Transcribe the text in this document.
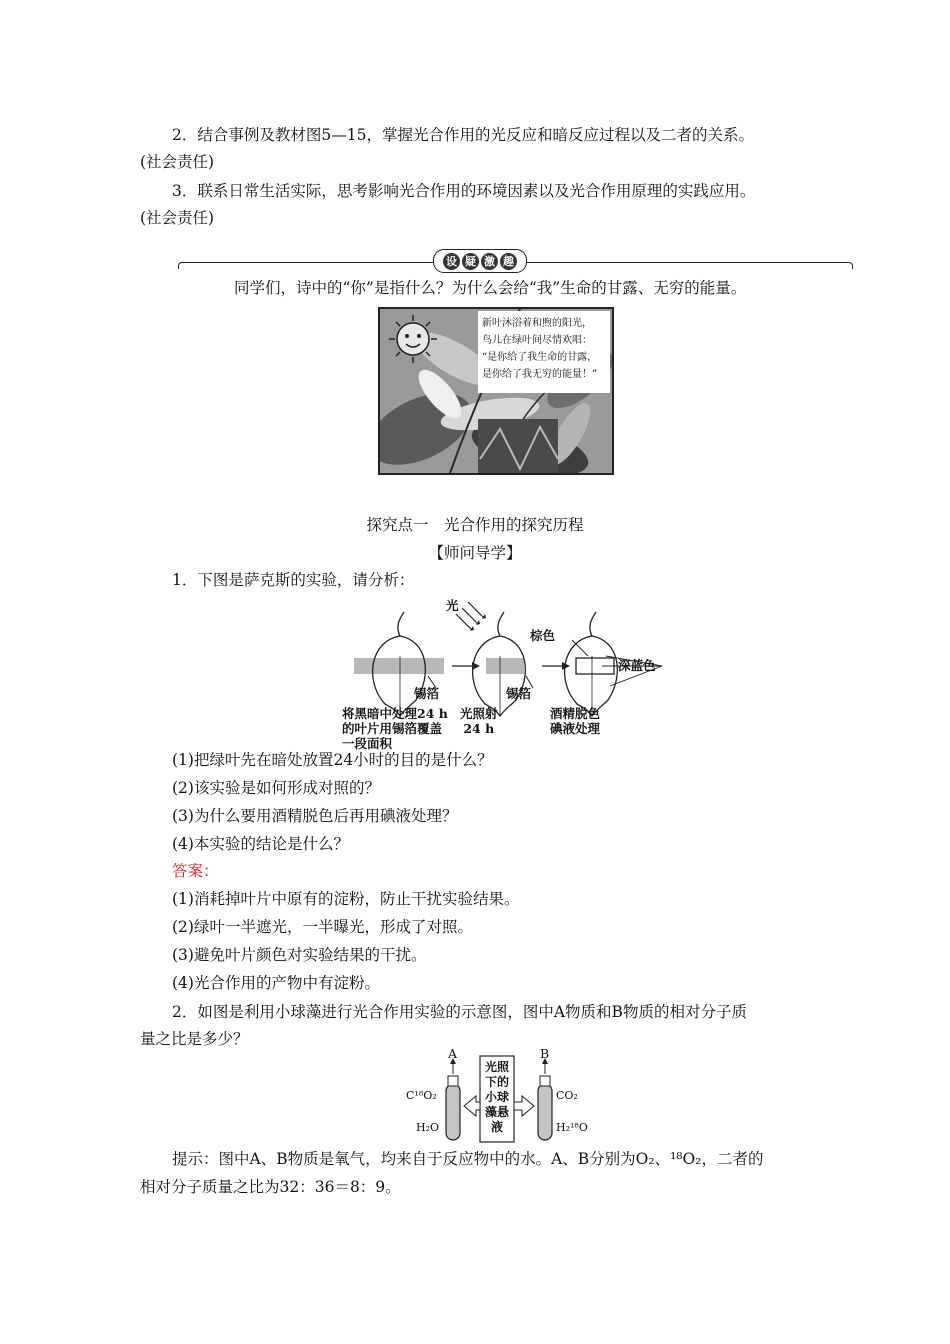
2．结合事例及教材图5—15，掌握光合作用的光反应和暗反应过程以及二者的关系。
(社会责任)
3．联系日常生活实际，思考影响光合作用的环境因素以及光合作用原理的实践应用。
(社会责任)
设 疑 激 趣
同学们，诗中的“你”是指什么？为什么会给“我”生命的甘露、无穷的能量。
新叶沐浴着和煦的阳光，
鸟儿在绿叶间尽情欢唱：
“是你给了我生命的甘露，
是你给了我无穷的能量！”
探究点一　光合作用的探究历程
【师问导学】
1．下图是萨克斯的实验，请分析：
光
棕色
深蓝色
锡箔	锡箔
将黑暗中处理24 h
的叶片用锡箔覆盖
一段面积
光照射
24 h
酒精脱色
碘液处理
(1)把绿叶先在暗处放置24小时的目的是什么？
(2)该实验是如何形成对照的？
(3)为什么要用酒精脱色后再用碘液处理？
(4)本实验的结论是什么？
答案：
(1)消耗掉叶片中原有的淀粉，防止干扰实验结果。
(2)绿叶一半遮光，一半曝光，形成了对照。
(3)避免叶片颜色对实验结果的干扰。
(4)光合作用的产物中有淀粉。
2．如图是利用小球藻进行光合作用实验的示意图，图中A物质和B物质的相对分子质
量之比是多少？
A	B
C¹⁸O₂
H₂O
CO₂
H₂¹⁸O
光照
下的
小球
藻悬
液
提示：图中A、B物质是氧气，均来自于反应物中的水。A、B分别为O₂、¹⁸O₂，二者的
相对分子质量之比为32：36＝8：9。
